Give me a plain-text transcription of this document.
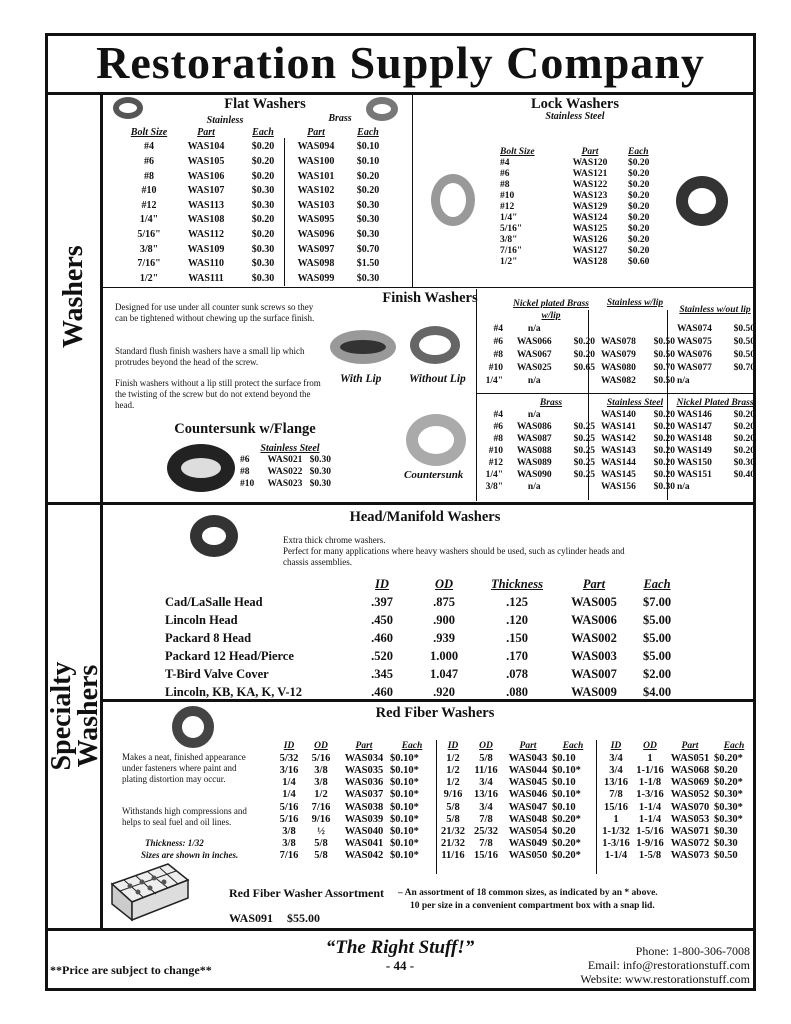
Restoration Supply Company
Washers
Specialty Washers
Flat Washers
Stainless	Brass
Bolt Size	Part	Each	Part	Each
#4	WAS104	$0.20	WAS094	$0.10
#6	WAS105	$0.20	WAS100	$0.10
#8	WAS106	$0.20	WAS101	$0.20
#10	WAS107	$0.30	WAS102	$0.20
#12	WAS113	$0.30	WAS103	$0.30
1/4"	WAS108	$0.20	WAS095	$0.30
5/16"	WAS112	$0.20	WAS096	$0.30
3/8"	WAS109	$0.30	WAS097	$0.70
7/16"	WAS110	$0.30	WAS098	$1.50
1/2"	WAS111	$0.30	WAS099	$0.30
Lock Washers
Stainless Steel
Bolt Size	Part	Each
#4	WAS120	$0.20
#6	WAS121	$0.20
#8	WAS122	$0.20
#10	WAS123	$0.20
#12	WAS129	$0.20
1/4"	WAS124	$0.20
5/16"	WAS125	$0.20
3/8"	WAS126	$0.20
7/16"	WAS127	$0.20
1/2"	WAS128	$0.60
Finish Washers
Designed for use under all counter sunk screws so they can be tightened without chewing up the surface finish.
Standard flush finish washers have a small lip which protrudes beyond the head of the screw.
Finish washers without a lip still protect the surface from the twisting of the screw but do not extend beyond the head.
With Lip Without Lip
Countersunk
	Nickel plated Brass w/lip		Stainless w/lip		Stainless w/out lip	
#4	n/a				WAS074	$0.50
#6	WAS066	$0.20	WAS078	$0.50	WAS075	$0.50
#8	WAS067	$0.20	WAS079	$0.50	WAS076	$0.50
#10	WAS025	$0.65	WAS080	$0.70	WAS077	$0.70
1/4"	n/a		WAS082	$0.50	n/a	
	Brass		Stainless Steel		Nickel Plated Brass	
#4	n/a		WAS140	$0.20	WAS146	$0.20
#6	WAS086	$0.25	WAS141	$0.20	WAS147	$0.20
#8	WAS087	$0.25	WAS142	$0.20	WAS148	$0.20
#10	WAS088	$0.25	WAS143	$0.20	WAS149	$0.20
#12	WAS089	$0.25	WAS144	$0.20	WAS150	$0.30
1/4"	WAS090	$0.25	WAS145	$0.20	WAS151	$0.40
3/8"	n/a		WAS156	$0.30	n/a	
Countersunk w/Flange
Stainless Steel
#6	WAS021	$0.30
#8	WAS022	$0.30
#10	WAS023	$0.30
Head/Manifold Washers
Extra thick chrome washers.
Perfect for many applications where heavy washers should be used, such as cylinder heads and chassis assemblies.
	ID	OD	Thickness	Part	Each
Cad/LaSalle Head	.397	.875	.125	WAS005	$7.00
Lincoln Head	.450	.900	.120	WAS006	$5.00
Packard 8 Head	.460	.939	.150	WAS002	$5.00
Packard 12 Head/Pierce	.520	1.000	.170	WAS003	$5.00
T-Bird Valve Cover	.345	1.047	.078	WAS007	$2.00
Lincoln, KB, KA, K, V-12	.460	.920	.080	WAS009	$4.00
Red Fiber Washers
Makes a neat, finished appearance under fasteners where paint and plating distortion may occur.
Withstands high compressions and helps to seal fuel and oil lines.
Thickness: 1/32
Sizes are shown in inches.
ID	OD	Part	Each
5/32	5/16	WAS034	$0.10*
3/16	3/8	WAS035	$0.10*
1/4	3/8	WAS036	$0.10*
1/4	1/2	WAS037	$0.10*
5/16	7/16	WAS038	$0.10*
5/16	9/16	WAS039	$0.10*
3/8	½	WAS040	$0.10*
3/8	5/8	WAS041	$0.10*
7/16	5/8	WAS042	$0.10*
ID	OD	Part	Each
1/2	5/8	WAS043	$0.10
1/2	11/16	WAS044	$0.10*
1/2	3/4	WAS045	$0.10
9/16	13/16	WAS046	$0.10*
5/8	3/4	WAS047	$0.10
5/8	7/8	WAS048	$0.20*
21/32	25/32	WAS054	$0.20
21/32	7/8	WAS049	$0.20*
11/16	15/16	WAS050	$0.20*
ID	OD	Part	Each
3/4	1	WAS051	$0.20*
3/4	1-1/16	WAS068	$0.20
13/16	1-1/8	WAS069	$0.20*
7/8	1-3/16	WAS052	$0.30*
15/16	1-1/4	WAS070	$0.30*
1	1-1/4	WAS053	$0.30*
1-1/32	1-5/16	WAS071	$0.30
1-3/16	1-9/16	WAS072	$0.30
1-1/4	1-5/8	WAS073	$0.50
Red Fiber Washer Assortment – An assortment of 18 common sizes, as indicated by an * above.
10 per size in a convenient compartment box with a snap lid.
WAS091 $55.00
“The Right Stuff!”
- 44 -
**Price are subject to change**
Phone: 1-800-306-7008
Email: info@restorationstuff.com
Website: www.restorationstuff.com
